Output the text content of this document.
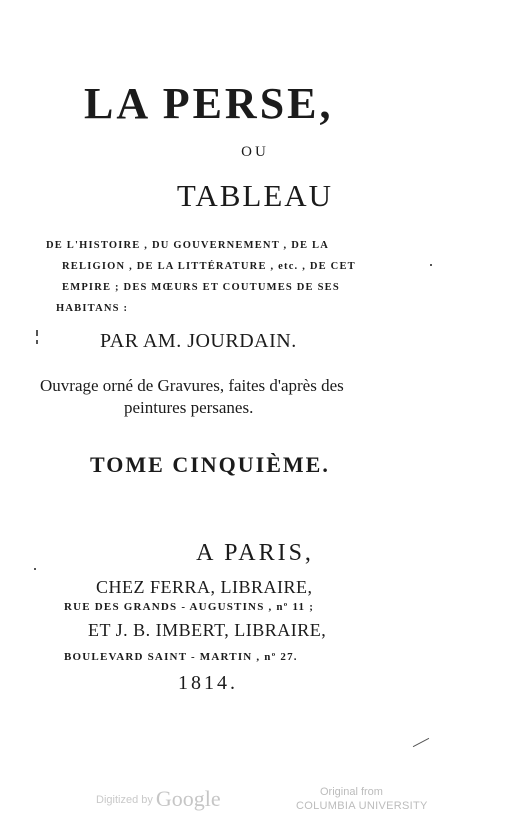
LA PERSE,
OU
TABLEAU
DE L'HISTOIRE , DU GOUVERNEMENT , DE LA
RELIGION , DE LA LITTÉRATURE , etc. , DE CET
EMPIRE ; DES MŒURS ET COUTUMES DE SES
HABITANS :
PAR AM. JOURDAIN.
Ouvrage orné de Gravures, faites d'après des
peintures persanes.
TOME CINQUIÈME.
A PARIS,
CHEZ FERRA, LIBRAIRE,
RUE DES GRANDS - AUGUSTINS , nº 11 ;
ET J. B. IMBERT, LIBRAIRE,
BOULEVARD SAINT - MARTIN , nº 27.
1814.
Digitized by Google	Original from
COLUMBIA UNIVERSITY
